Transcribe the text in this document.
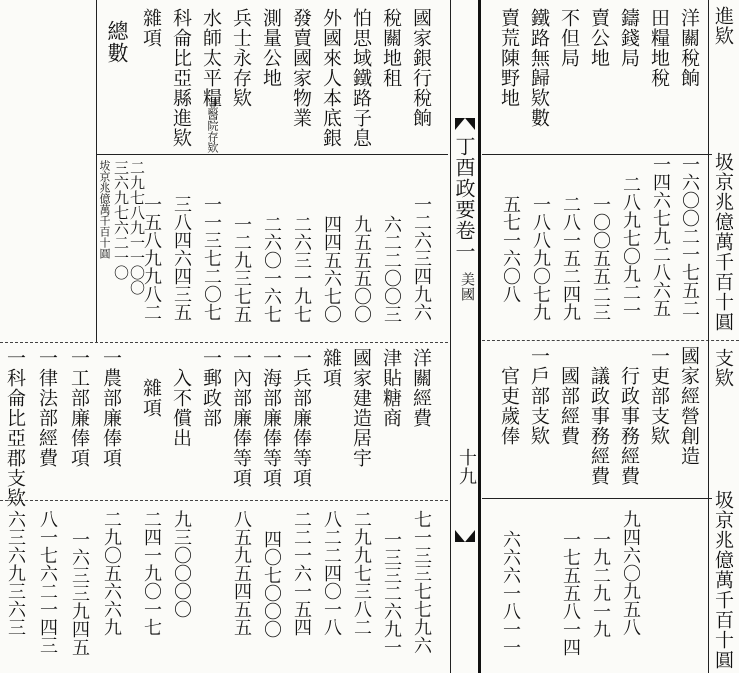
進欵
圾京兆億萬千百十圓
洋關稅餉
一六〇〇二一七五二
田糧地稅
一四六七九二八六五
鑄錢局
二八九七〇九二一
賣公地
一〇〇五五二三
不但局
二八一五二四九
鐵路無歸欵數
一八八九〇七九
賣荒陳野地
五七一六〇八
支欵
圾京兆億萬千百十圓
國家經營創造
一吏部支欵
行政事務經費
九四六〇九五八
議政事務經費
一九二九一九
國部經費
一七五五八一四
一戶部支欵
官吏歲俸
六六六一八一一
丁酉政要卷一
美國
十九
國家銀行稅餉
一二六三四九六
稅關地租
六二二〇〇三
怕思域鐵路子息
九五五五〇〇
外國來人本底銀
四四五六七〇
發賣國家物業
二六三一九七
測量公地
二六〇一六七
兵士永存欵
一二九三七五
水師太平糧
並醫院存欵
一一三七二〇七
科侖比亞縣進欵
三八四六四三五
雜項
一五八九九八二
總數
坺京兆億萬千百十圓 三六九七六二一〇
二九七八九一一〇〇
洋關經費
七一三三七七九六
津貼糖商
一三三二六九一
國家建造居宇
二九九七三八二
雜項
八二二四〇一八
一兵部廉俸等項
一海部廉俸等項
二二一六一五四
一內部廉俸等項
四〇七〇〇〇
一郵政部
八五九五四五五
入不償出
九三〇〇〇〇
雜項
二四一九〇一七
一農部廉俸項
二九〇五六六九
一工部廉俸項
一六三三九四五
一律法部經費
八一七六二一四三
一科侖比亞郡支欵
六三六九三六三
